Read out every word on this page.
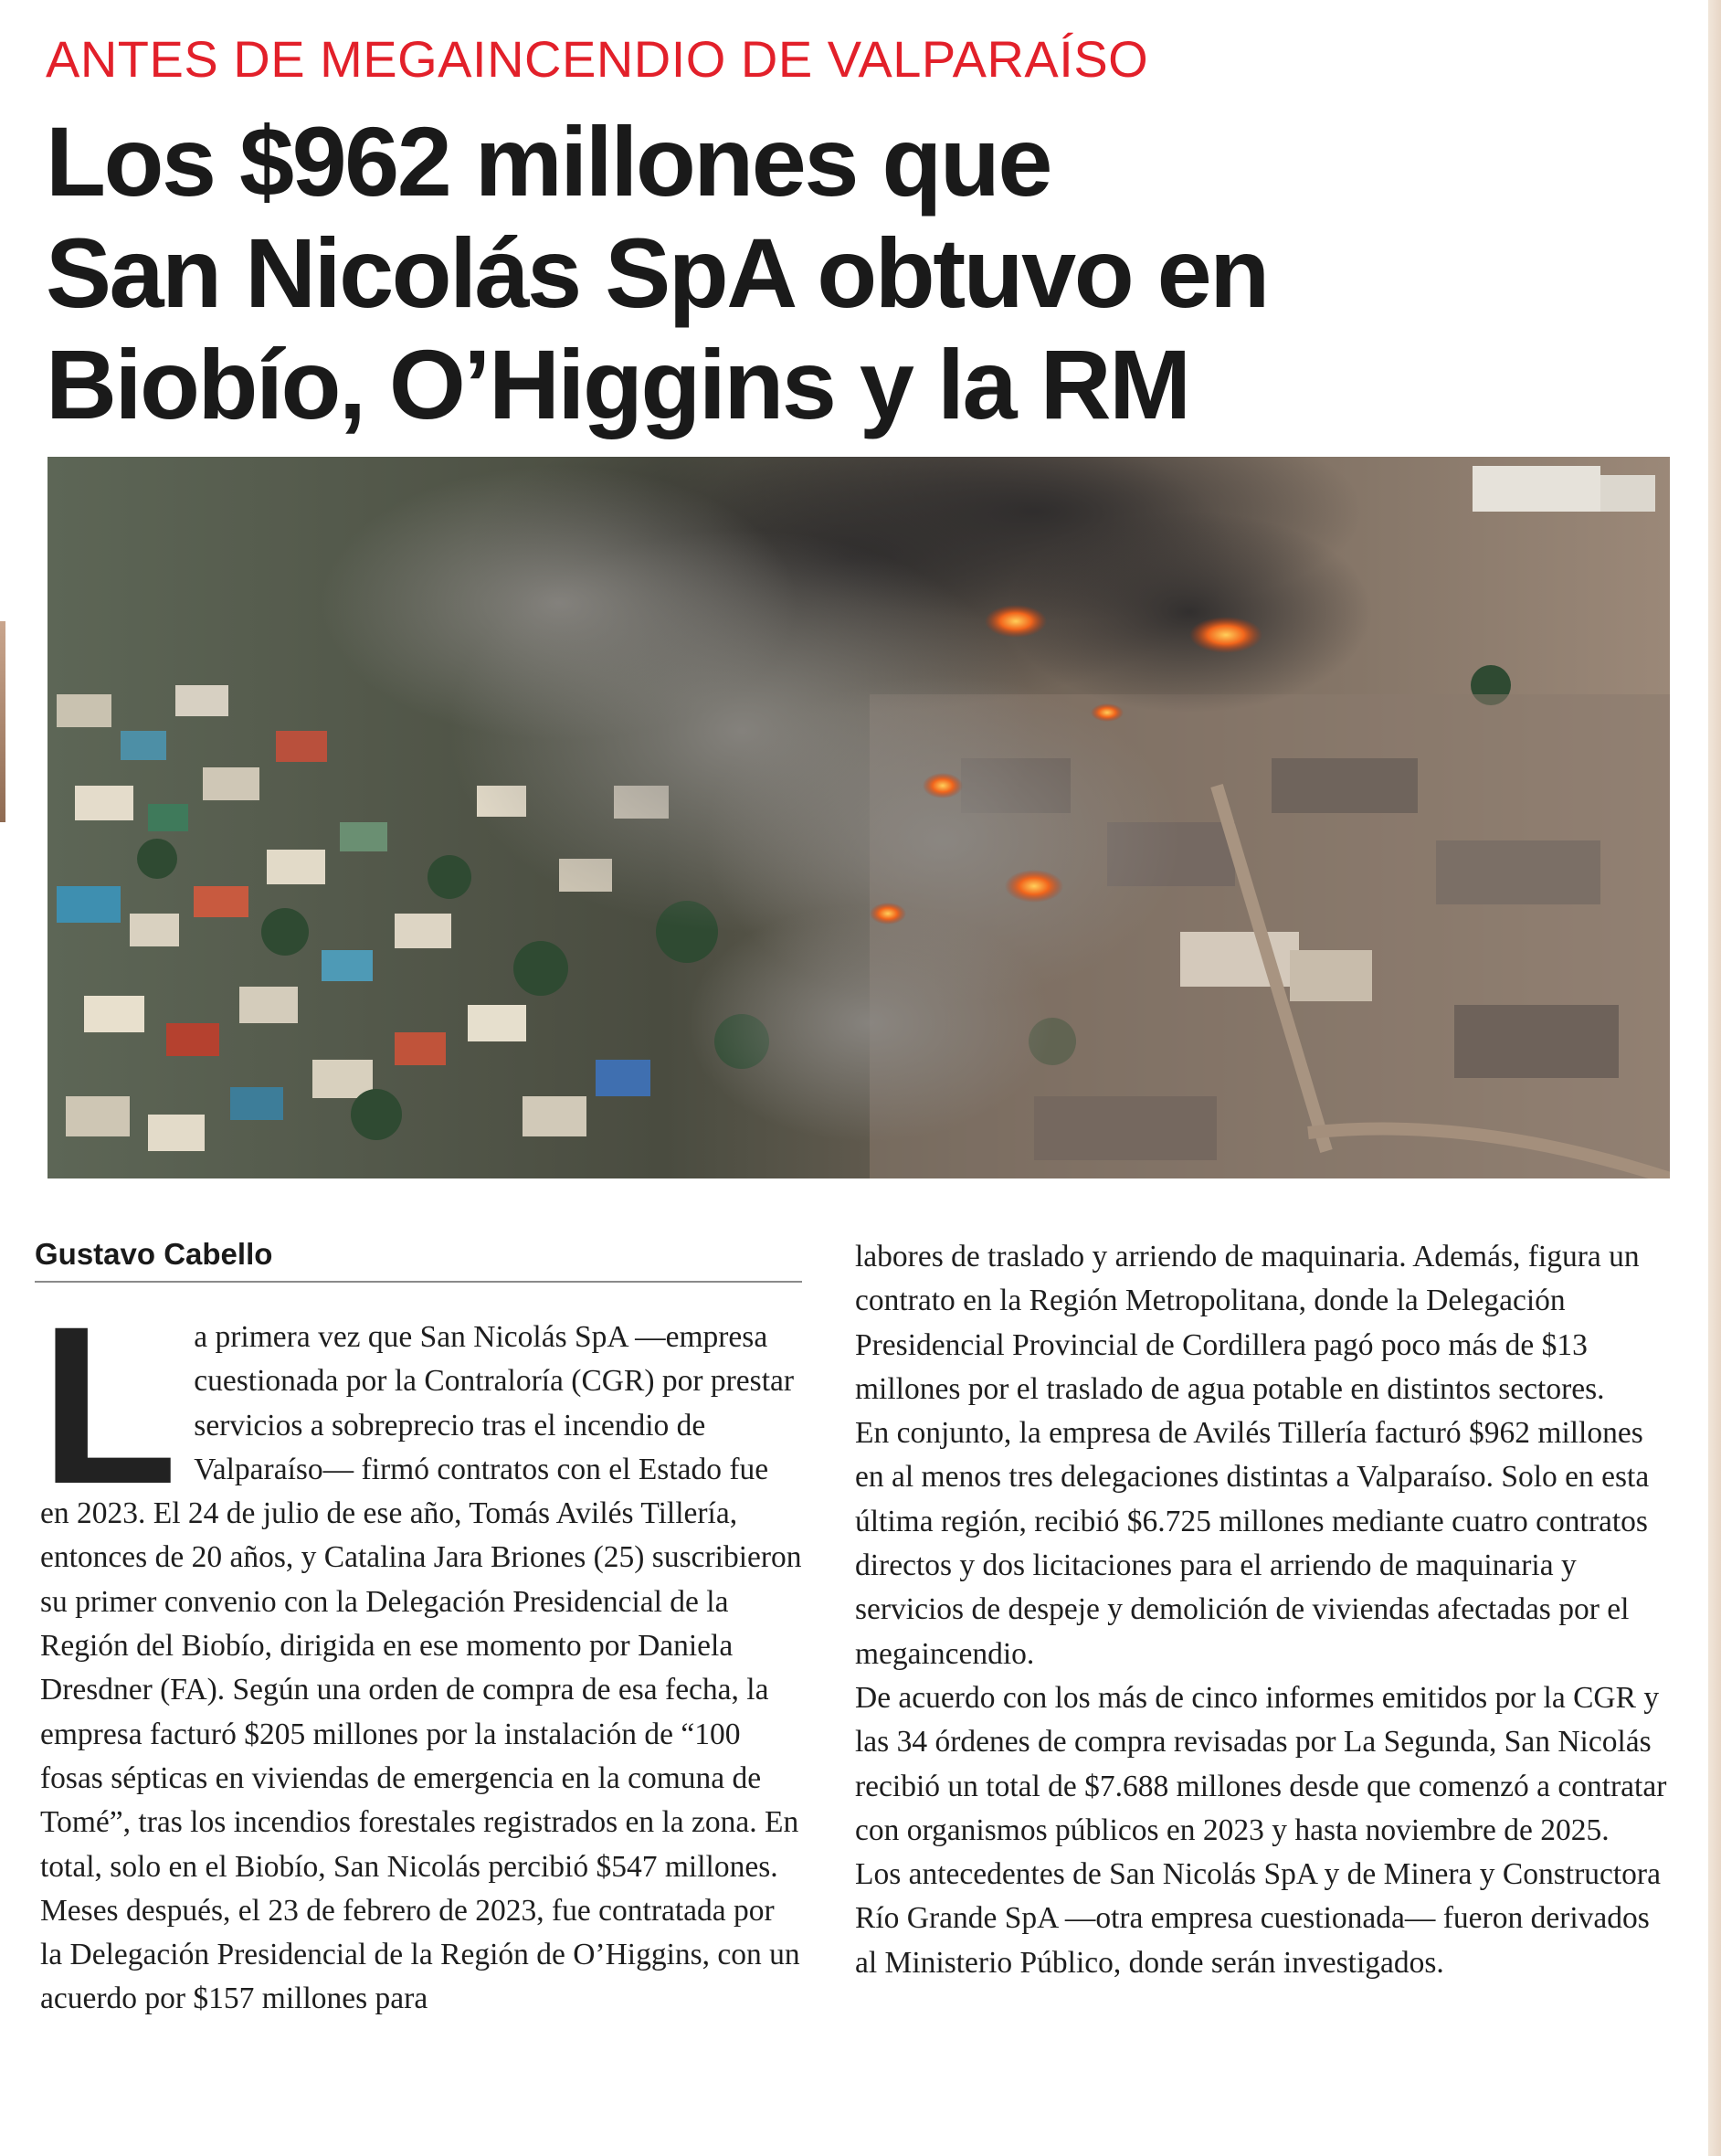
ANTES DE MEGAINCENDIO DE VALPARAÍSO
Los $962 millones que
San Nicolás SpA obtuvo en
Biobío, O’Higgins y la RM
Gustavo Cabello

La primera vez que San Nicolás SpA —empresa cuestionada por la Contraloría (CGR) por prestar servicios a sobreprecio tras el incendio de Valparaíso— firmó contratos con el Estado fue en 2023. El 24 de julio de ese año, Tomás Avilés Tillería, entonces de 20 años, y Catalina Jara Briones (25) suscribieron su primer convenio con la Delegación Presidencial de la Región del Biobío, dirigida en ese momento por Daniela Dresdner (FA). Según una orden de compra de esa fecha, la empresa facturó $205 millones por la instalación de “100 fosas sépticas en viviendas de emergencia en la comuna de Tomé”, tras los incendios forestales registrados en la zona. En total, solo en el Biobío, San Nicolás percibió $547 millones.

Meses después, el 23 de febrero de 2023, fue contratada por la Delegación Presidencial de la Región de O’Higgins, con un acuerdo por $157 millones para

labores de traslado y arriendo de maquinaria. Además, figura un contrato en la Región Metropolitana, donde la Delegación Presidencial Provincial de Cordillera pagó poco más de $13 millones por el traslado de agua potable en distintos sectores.

En conjunto, la empresa de Avilés Tillería facturó $962 millones en al menos tres delegaciones distintas a Valparaíso. Solo en esta última región, recibió $6.725 millones mediante cuatro contratos directos y dos licitaciones para el arriendo de maquinaria y servicios de despeje y demolición de viviendas afectadas por el megaincendio.

De acuerdo con los más de cinco informes emitidos por la CGR y las 34 órdenes de compra revisadas por La Segunda, San Nicolás recibió un total de $7.688 millones desde que comenzó a contratar con organismos públicos en 2023 y hasta noviembre de 2025.

Los antecedentes de San Nicolás SpA y de Minera y Constructora Río Grande SpA —otra empresa cuestionada— fueron derivados al Ministerio Público, donde serán investigados.
